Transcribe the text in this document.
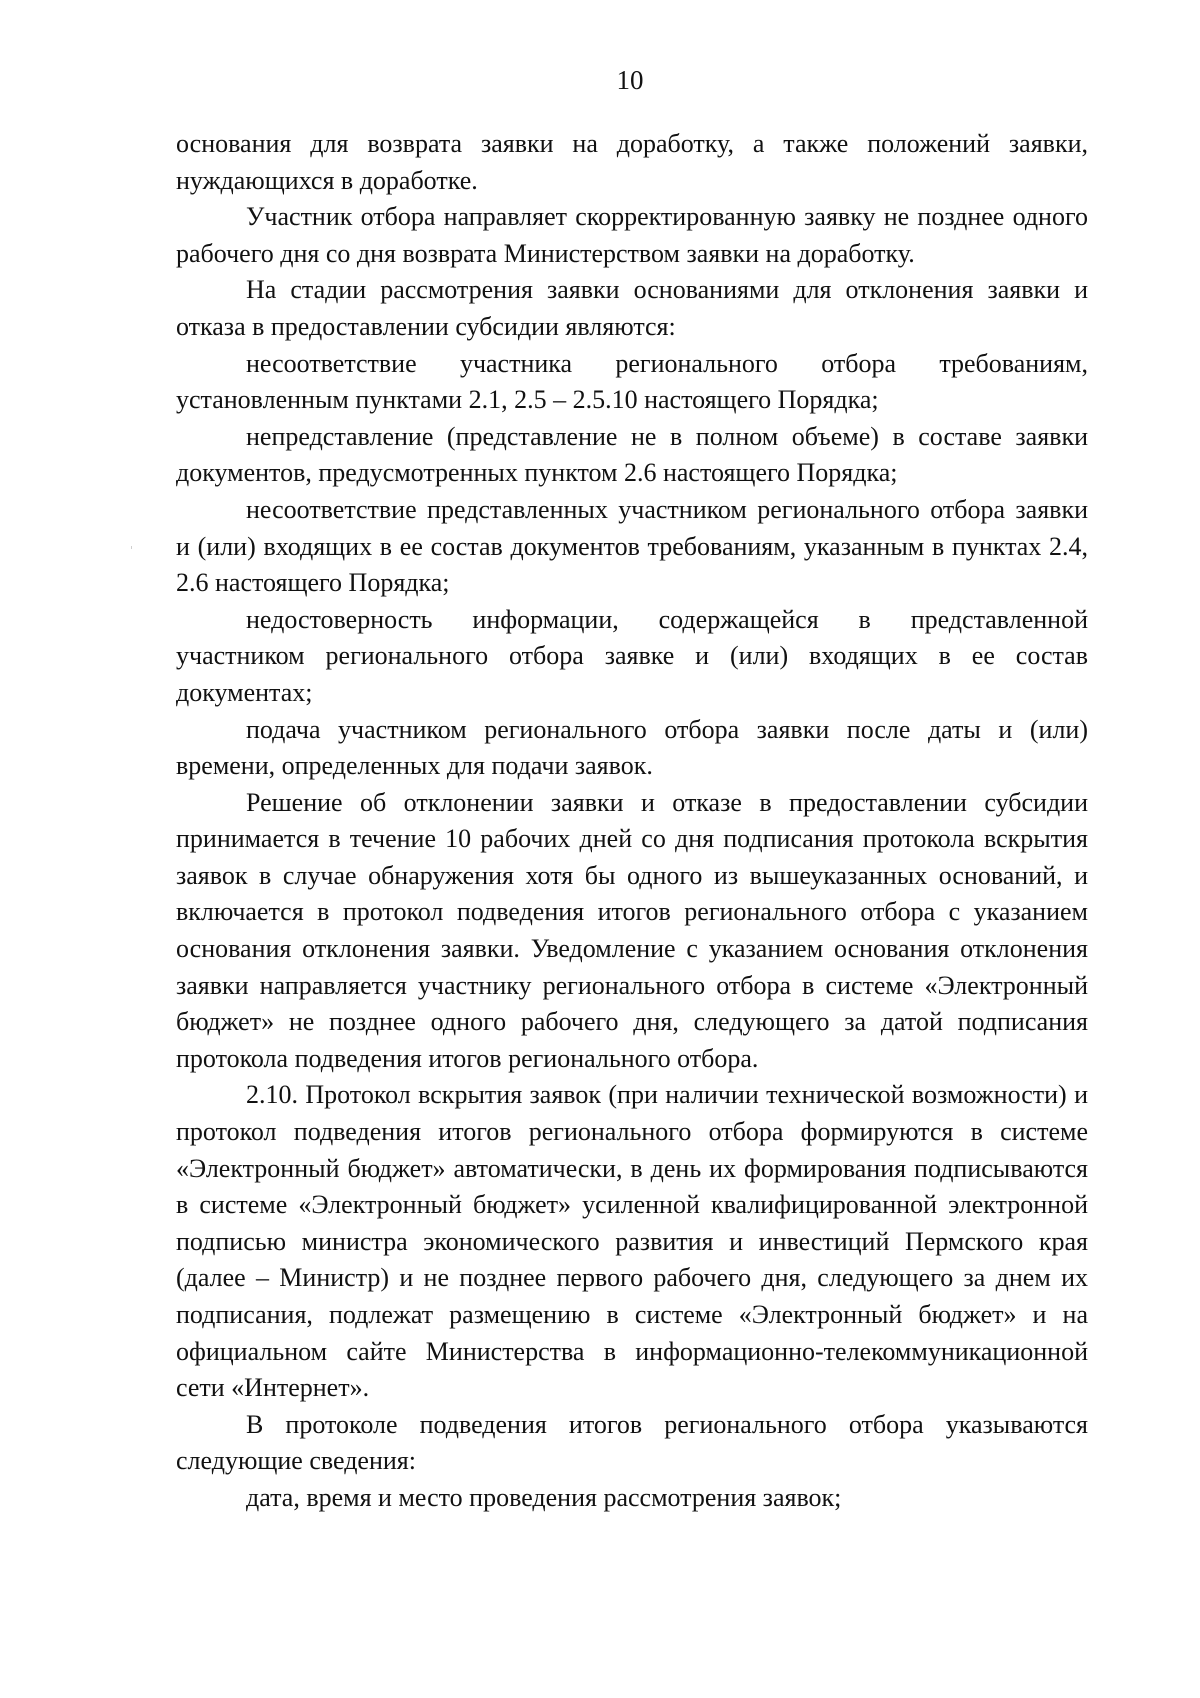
10

основания для возврата заявки на доработку, а также положений заявки, нуждающихся в доработке.

Участник отбора направляет скорректированную заявку не позднее одного рабочего дня со дня возврата Министерством заявки на доработку.

На стадии рассмотрения заявки основаниями для отклонения заявки и отказа в предоставлении субсидии являются:

несоответствие участника регионального отбора требованиям, установленным пунктами 2.1, 2.5 – 2.5.10 настоящего Порядка;

непредставление (представление не в полном объеме) в составе заявки документов, предусмотренных пунктом 2.6 настоящего Порядка;

несоответствие представленных участником регионального отбора заявки и (или) входящих в ее состав документов требованиям, указанным в пунктах 2.4, 2.6 настоящего Порядка;

недостоверность информации, содержащейся в представленной участником регионального отбора заявке и (или) входящих в ее состав документах;

подача участником регионального отбора заявки после даты и (или) времени, определенных для подачи заявок.

Решение об отклонении заявки и отказе в предоставлении субсидии принимается в течение 10 рабочих дней со дня подписания протокола вскрытия заявок в случае обнаружения хотя бы одного из вышеуказанных оснований, и включается в протокол подведения итогов регионального отбора с указанием основания отклонения заявки. Уведомление с указанием основания отклонения заявки направляется участнику регионального отбора в системе «Электронный бюджет» не позднее одного рабочего дня, следующего за датой подписания протокола подведения итогов регионального отбора.

2.10. Протокол вскрытия заявок (при наличии технической возможности) и протокол подведения итогов регионального отбора формируются в системе «Электронный бюджет» автоматически, в день их формирования подписываются в системе «Электронный бюджет» усиленной квалифицированной электронной подписью министра экономического развития и инвестиций Пермского края (далее – Министр) и не позднее первого рабочего дня, следующего за днем их подписания, подлежат размещению в системе «Электронный бюджет» и на официальном сайте Министерства в информационно-телекоммуникационной сети «Интернет».

В протоколе подведения итогов регионального отбора указываются следующие сведения:

дата, время и место проведения рассмотрения заявок;
